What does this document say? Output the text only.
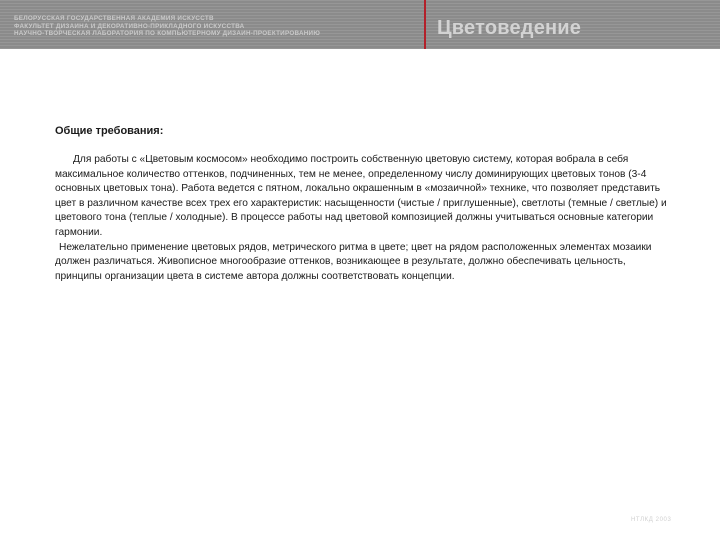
БЕЛОРУССКАЯ ГОСУДАРСТВЕННАЯ АКАДЕМИЯ ИСКУССТВ
ФАКУЛЬТЕТ ДИЗАЙНА И ДЕКОРАТИВНО-ПРИКЛАДНОГО ИСКУССТВА
НАУЧНО-ТВОРЧЕСКАЯ ЛАБОРАТОРИЯ ПО КОМПЬЮТЕРНОМУ ДИЗАЙН-ПРОЕКТИРОВАНИЮ	Цветоведение

Общие требования:

Для работы с «Цветовым космосом» необходимо построить собственную цветовую систему, которая вобрала в себя максимальное количество оттенков, подчиненных, тем не менее, определенному числу доминирующих цветовых тонов (3-4 основных цветовых тона). Работа ведется с пятном, локально окрашенным в «мозаичной» технике, что позволяет представить цвет в различном качестве всех трех его характеристик: насыщенности (чистые / приглушенные), светлоты (темные / светлые) и цветового тона (теплые / холодные). В процессе работы над цветовой композицией должны учитываться основные категории гармонии.

Нежелательно применение цветовых рядов, метрического ритма в цвете; цвет на рядом расположенных элементах мозаики должен различаться. Живописное многообразие оттенков, возникающее в результате, должно обеспечивать цельность, принципы организации цвета в системе автора должны соответствовать концепции.

НТЛКД 2003
